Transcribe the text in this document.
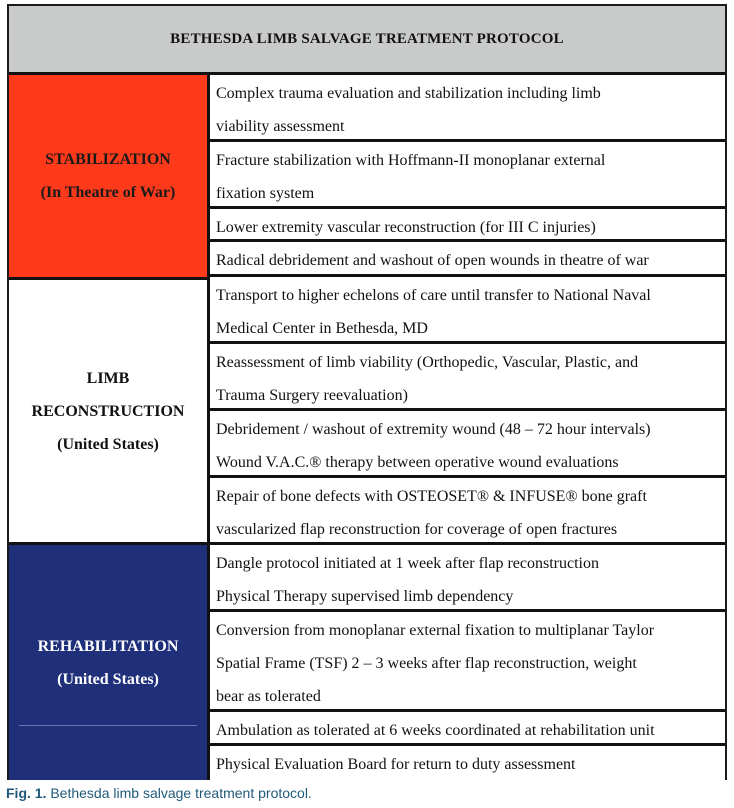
BETHESDA LIMB SALVAGE TREATMENT PROTOCOL
STABILIZATION
(In Theatre of War)
LIMB
RECONSTRUCTION
(United States)
REHABILITATION
(United States)
Complex trauma evaluation and stabilization including limb
viability assessment
Fracture stabilization with Hoffmann-II monoplanar external
fixation system
Lower extremity vascular reconstruction (for III C injuries)
Radical debridement and washout of open wounds in theatre of war
Transport to higher echelons of care until transfer to National Naval
Medical Center in Bethesda, MD
Reassessment of limb viability (Orthopedic, Vascular, Plastic, and
Trauma Surgery reevaluation)
Debridement / washout of extremity wound (48 – 72 hour intervals)
Wound V.A.C.® therapy between operative wound evaluations
Repair of bone defects with OSTEOSET® & INFUSE® bone graft
vascularized flap reconstruction for coverage of open fractures
Dangle protocol initiated at 1 week after flap reconstruction
Physical Therapy supervised limb dependency
Conversion from monoplanar external fixation to multiplanar Taylor
Spatial Frame (TSF) 2 – 3 weeks after flap reconstruction, weight
bear as tolerated
Ambulation as tolerated at 6 weeks coordinated at rehabilitation unit
Physical Evaluation Board for return to duty assessment
Fig. 1. Bethesda limb salvage treatment protocol.
